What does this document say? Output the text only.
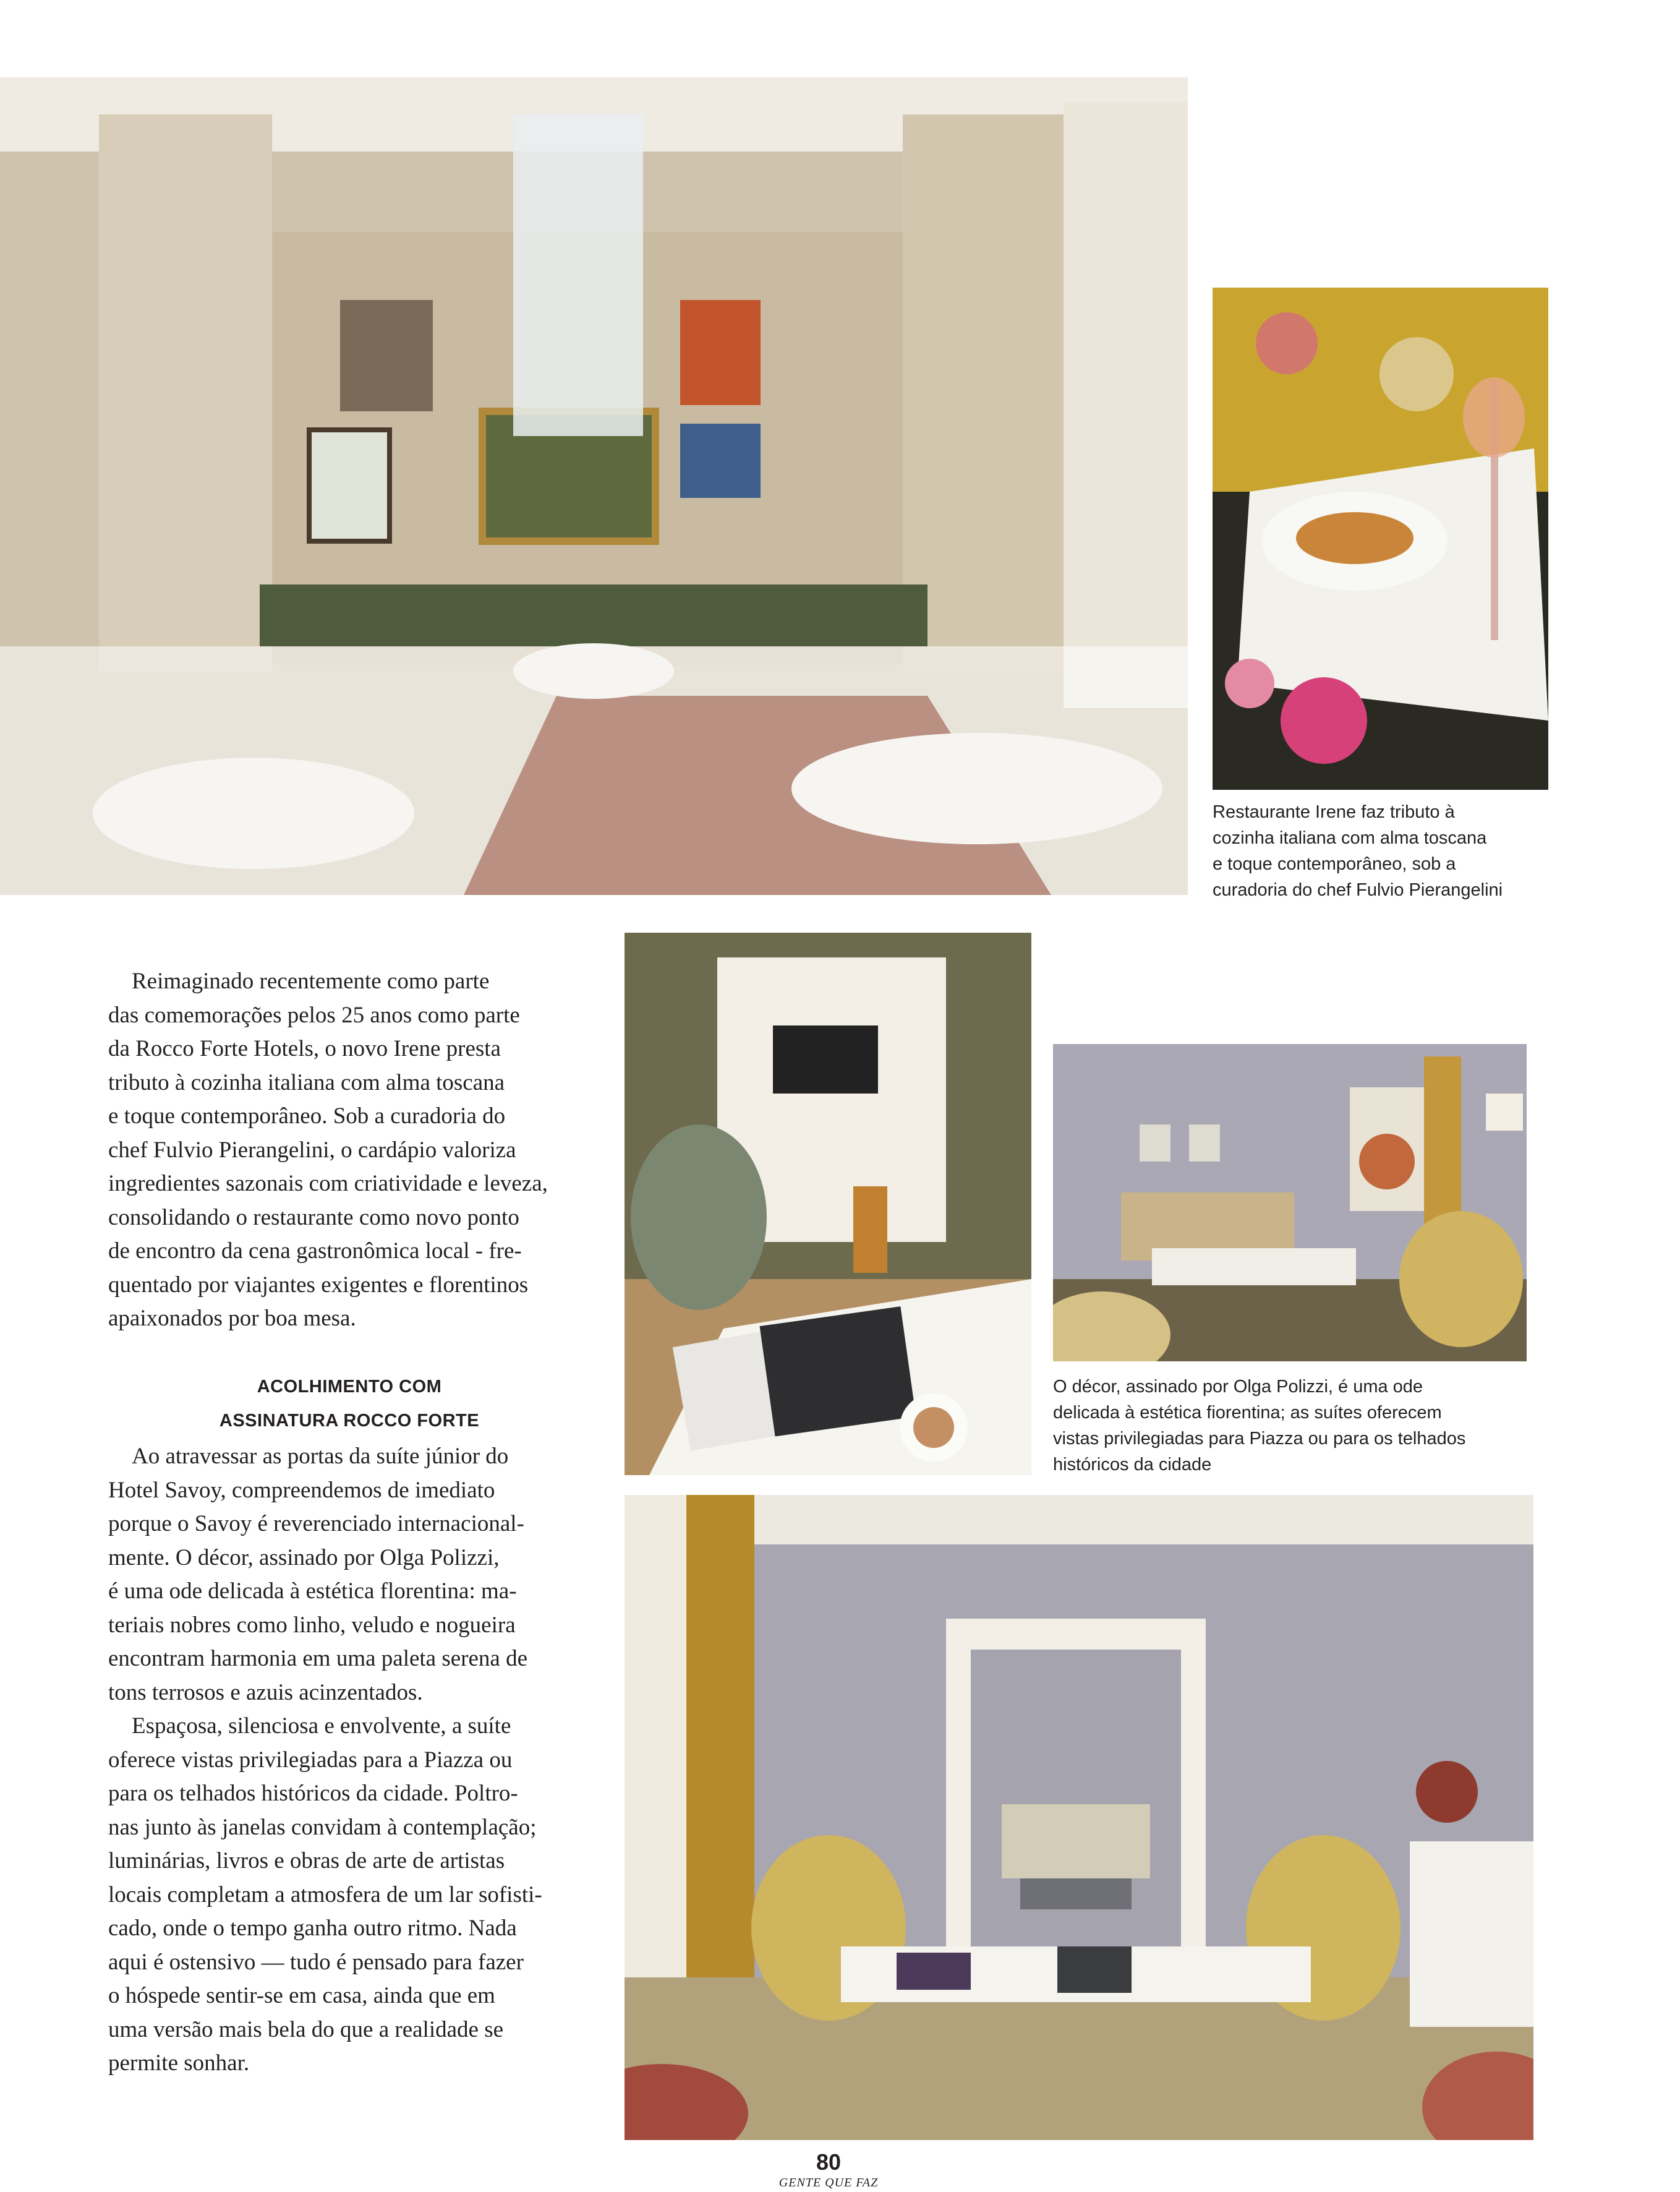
Restaurante Irene faz tributo à
cozinha italiana com alma toscana
e toque contemporâneo, sob a
curadoria do chef Fulvio Pierangelini
O décor, assinado por Olga Polizzi, é uma ode
delicada à estética fiorentina; as suítes oferecem
vistas privilegiadas para Piazza ou para os telhados
históricos da cidade
Reimaginado recentemente como parte
das comemorações pelos 25 anos como parte
da Rocco Forte Hotels, o novo Irene presta
tributo à cozinha italiana com alma toscana
e toque contemporâneo. Sob a curadoria do
chef Fulvio Pierangelini, o cardápio valoriza
ingredientes sazonais com criatividade e leveza,
consolidando o restaurante como novo ponto
de encontro da cena gastronômica local - fre-
quentado por viajantes exigentes e florentinos
apaixonados por boa mesa.
ACOLHIMENTO COM
ASSINATURA ROCCO FORTE
Ao atravessar as portas da suíte júnior do
Hotel Savoy, compreendemos de imediato
porque o Savoy é reverenciado internacional-
mente. O décor, assinado por Olga Polizzi,
é uma ode delicada à estética florentina: ma-
teriais nobres como linho, veludo e nogueira
encontram harmonia em uma paleta serena de
tons terrosos e azuis acinzentados.
Espaçosa, silenciosa e envolvente, a suíte
oferece vistas privilegiadas para a Piazza ou
para os telhados históricos da cidade. Poltro-
nas junto às janelas convidam à contemplação;
luminárias, livros e obras de arte de artistas
locais completam a atmosfera de um lar sofisti-
cado, onde o tempo ganha outro ritmo. Nada
aqui é ostensivo — tudo é pensado para fazer
o hóspede sentir-se em casa, ainda que em
uma versão mais bela do que a realidade se
permite sonhar.
80
GENTE QUE FAZ
